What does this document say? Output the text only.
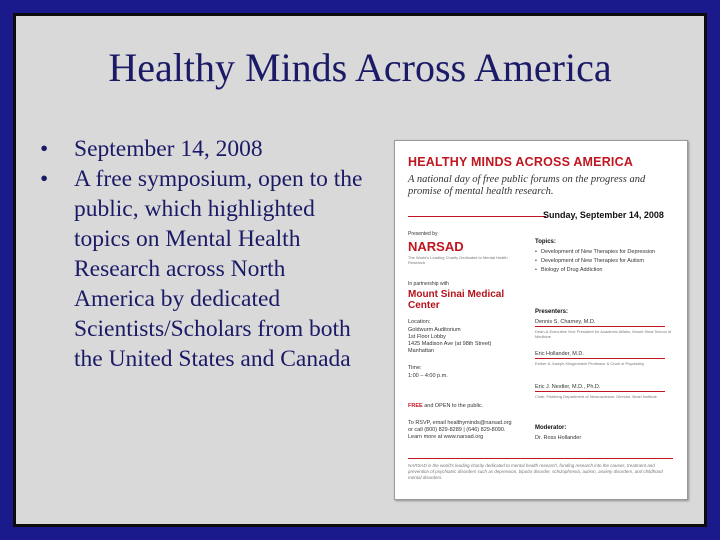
Healthy Minds Across America
• September 14, 2008
• A free symposium, open to the public, which highlighted topics on Mental Health Research across North America by dedicated Scientists/Scholars from both the United States and Canada
HEALTHY MINDS ACROSS AMERICA
A national day of free public forums on the progress and promise of mental health research.
Sunday, September 14, 2008
Presented by
NARSAD
The World's Leading Charity Dedicated to Mental Health Research
In partnership with
Mount Sinai Medical Center
Location:
Goldwurm Auditorium
1st Floor Lobby
1425 Madison Ave (at 98th Street)
Manhattan
Time:
1:00 – 4:00 p.m.
FREE and OPEN to the public.
To RSVP, email healthyminds@narsad.org
or call (800) 829-8289 | (646) 829-8090.
Learn more at www.narsad.org
Topics:
• Development of New Therapies for Depression
• Development of New Therapies for Autism
• Biology of Drug Addiction
Presenters:
Dennis S. Charney, M.D.
Dean & Executive Vice President for Academic Affairs, Mount Sinai School of Medicine
Eric Hollander, M.D.
Esther & Joseph Klingenstein Professor & Chair of Psychiatry
Eric J. Nestler, M.D., Ph.D.
Chair, Fishberg Department of Neuroscience; Director, Brain Institute
Moderator:
Dr. Ross Hollander
NARSAD is the world's leading charity dedicated to mental health research, funding research into the causes, treatment and prevention of psychiatric disorders such as depression, bipolar disorder, schizophrenia, autism, anxiety disorders, and childhood mental disorders.
